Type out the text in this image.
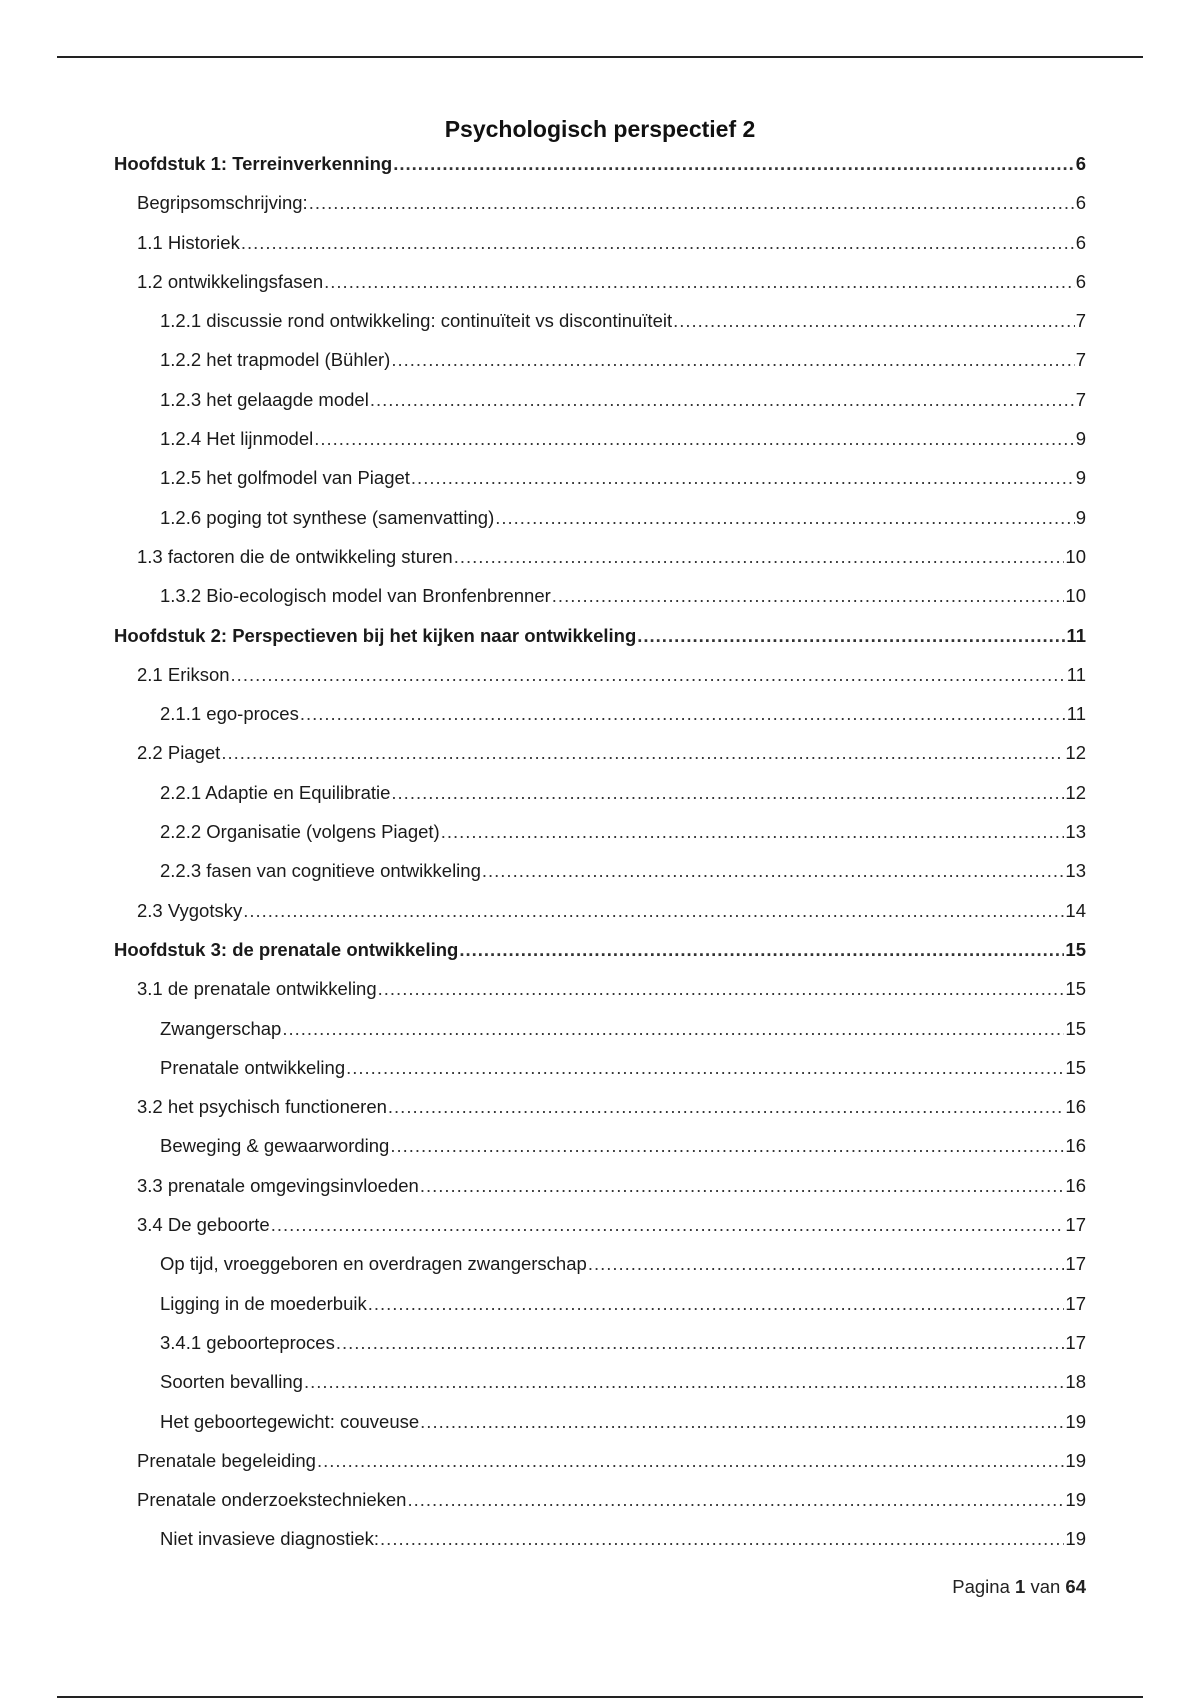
Psychologisch perspectief 2
Hoofdstuk 1: Terreinverkenning .....	6
Begripsomschrijving: .....	6
1.1 Historiek .....	6
1.2 ontwikkelingsfasen .....	6
1.2.1 discussie rond ontwikkeling: continuïteit vs discontinuïteit .....	7
1.2.2 het trapmodel (Bühler) .....	7
1.2.3 het gelaagde model .....	7
1.2.4 Het lijnmodel .....	9
1.2.5 het golfmodel van Piaget .....	9
1.2.6 poging tot synthese (samenvatting) .....	9
1.3 factoren die de ontwikkeling sturen .....	10
1.3.2 Bio-ecologisch model van Bronfenbrenner .....	10
Hoofdstuk 2: Perspectieven bij het kijken naar ontwikkeling .....	11
2.1 Erikson .....	11
2.1.1 ego-proces .....	11
2.2 Piaget .....	12
2.2.1 Adaptie en Equilibratie .....	12
2.2.2 Organisatie (volgens Piaget) .....	13
2.2.3 fasen van cognitieve ontwikkeling .....	13
2.3 Vygotsky .....	14
Hoofdstuk 3: de prenatale ontwikkeling .....	15
3.1 de prenatale ontwikkeling .....	15
Zwangerschap .....	15
Prenatale ontwikkeling .....	15
3.2 het psychisch functioneren .....	16
Beweging & gewaarwording .....	16
3.3 prenatale omgevingsinvloeden .....	16
3.4 De geboorte .....	17
Op tijd, vroeggeboren en overdragen zwangerschap .....	17
Ligging in de moederbuik .....	17
3.4.1 geboorteproces .....	17
Soorten bevalling .....	18
Het geboortegewicht: couveuse .....	19
Prenatale begeleiding .....	19
Prenatale onderzoekstechnieken .....	19
Niet invasieve diagnostiek: .....	19
Pagina 1 van 64
